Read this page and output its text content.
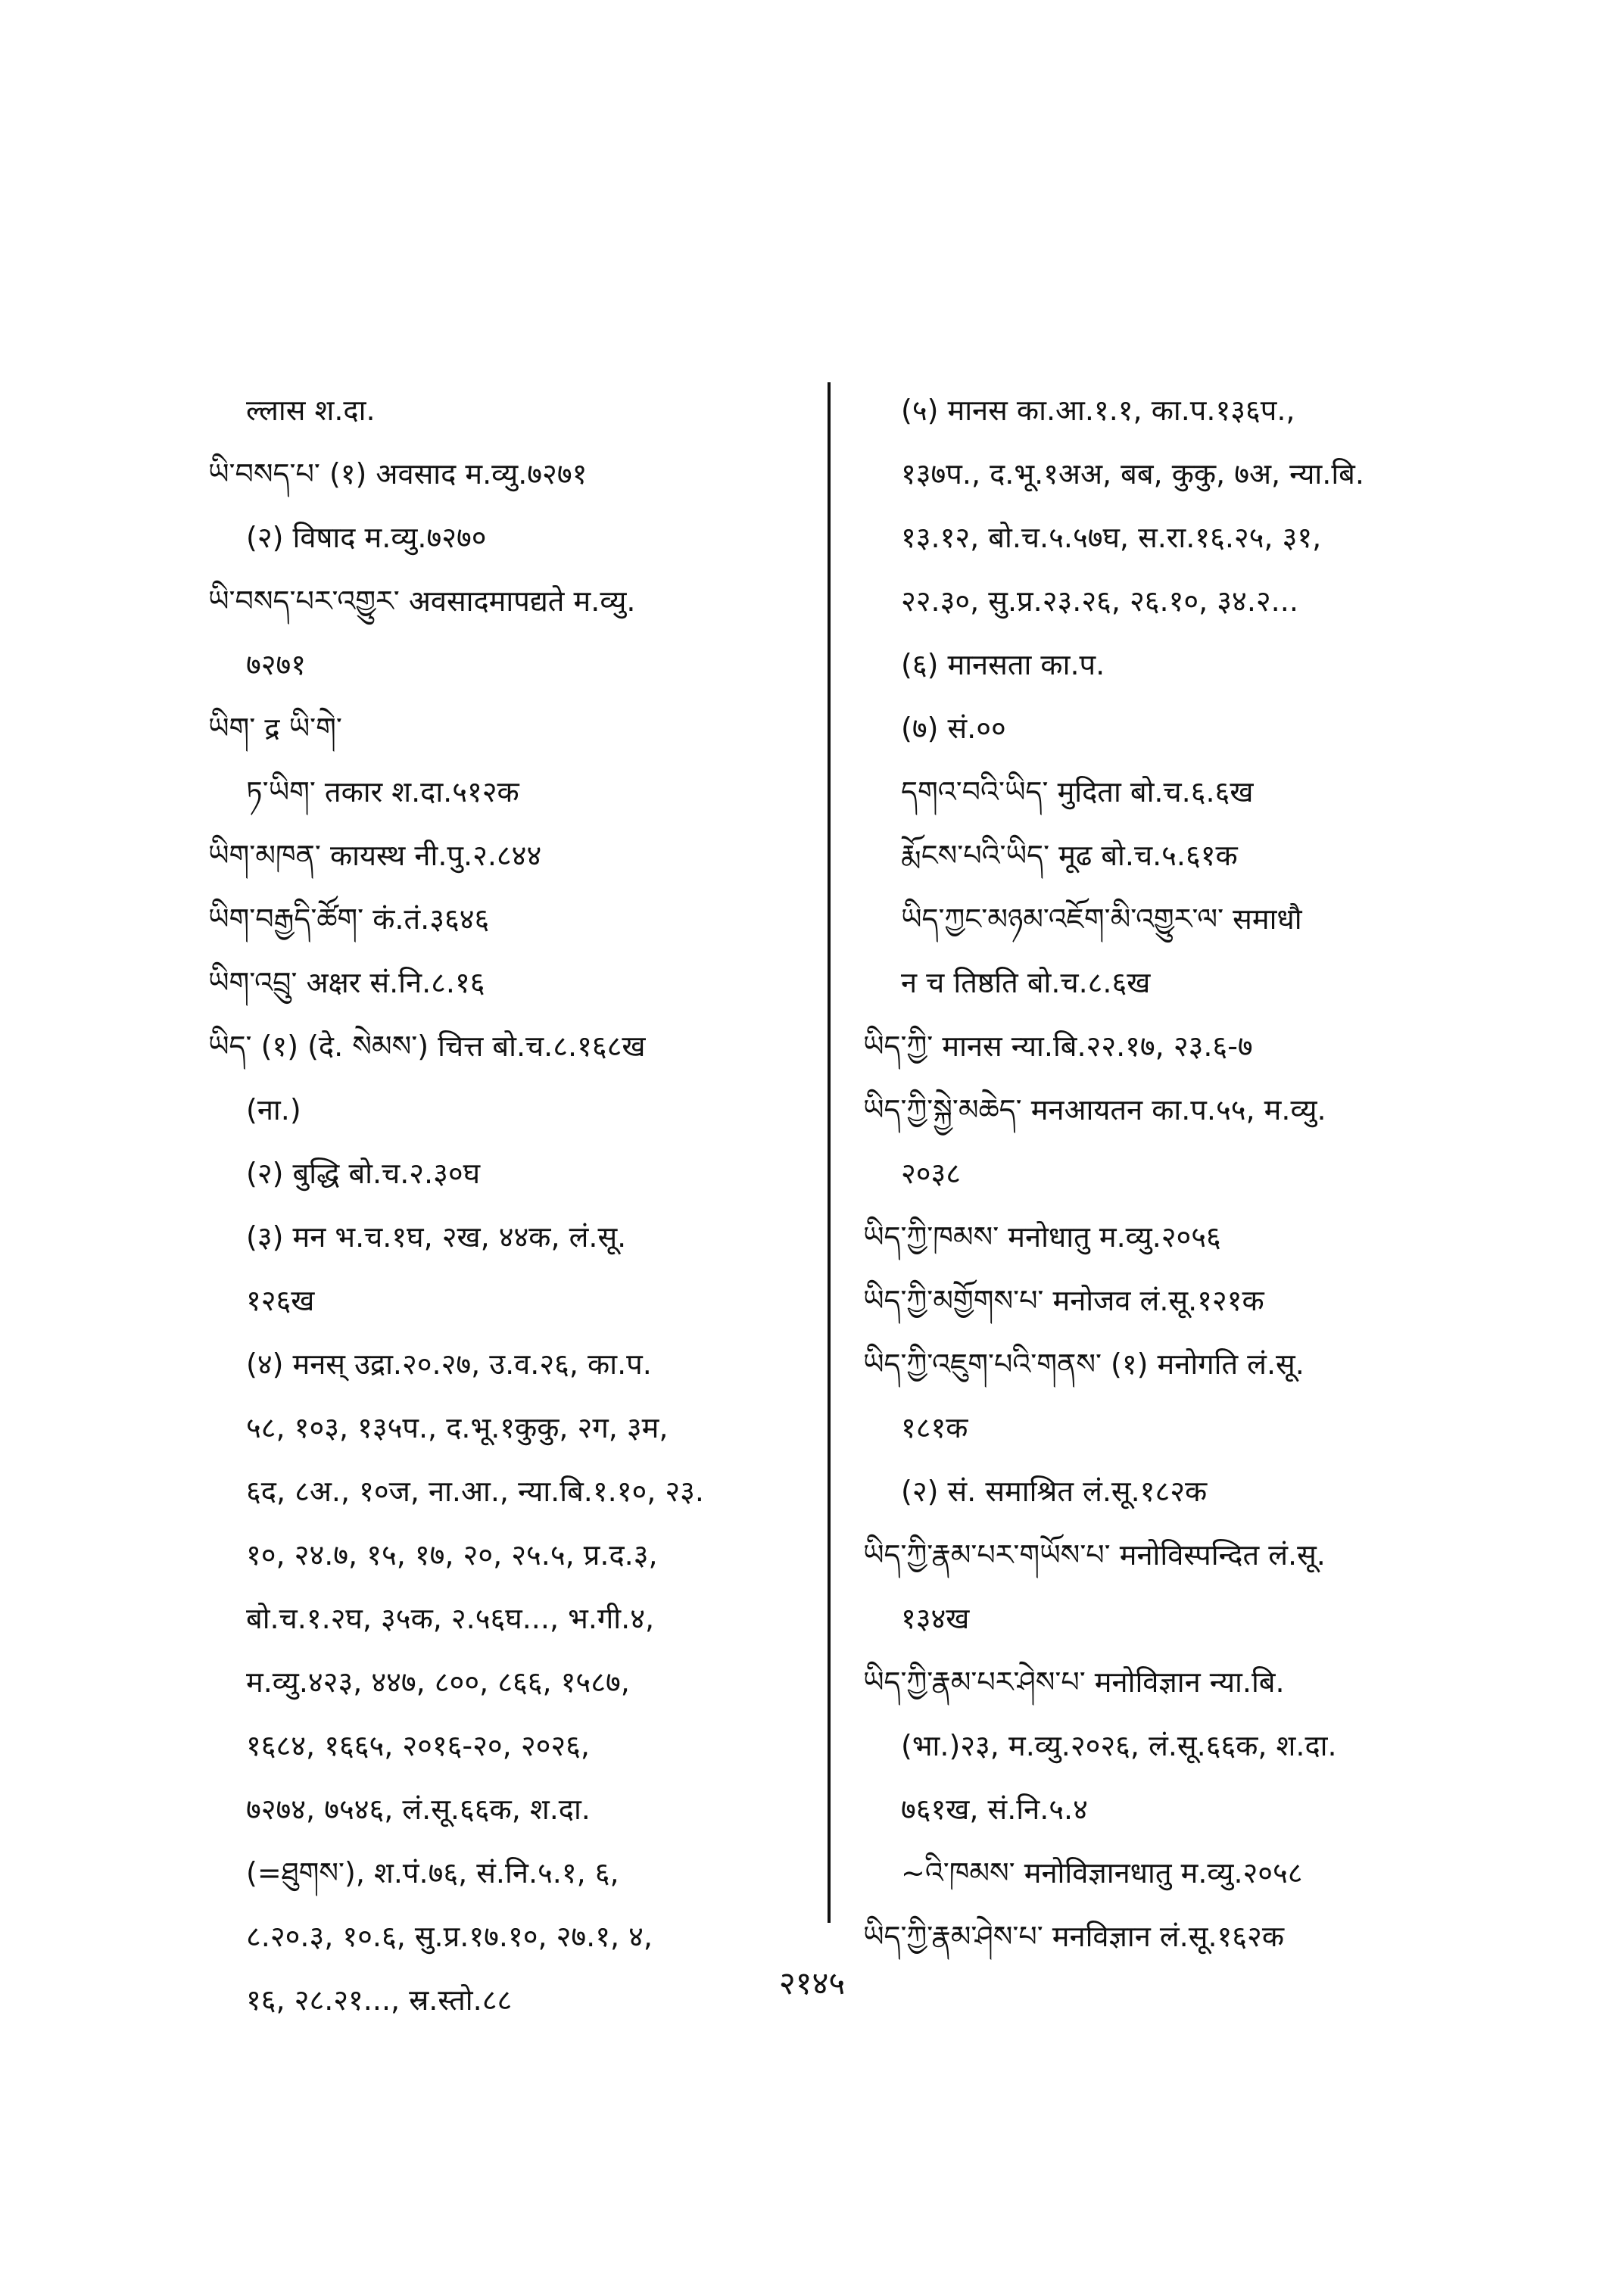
ल्लास श.दा.
ཡི་བསད་པ་ (१) अवसाद म.व्यु.७२७१
(२) विषाद म.व्यु.७२७०
ཡི་བསད་པར་འགྱུར་ अवसादमापद्यते म.व्यु.
७२७१
ཡིག་ द्र ཡི་གེ་
ཏ་ཡིག་ तकार श.दा.५१२क
ཡིག་མཁན་ कायस्थ नी.पु.२.८४४
ཡིག་བརྒྱདི་ཚོག་ कं.तं.३६४६
ཡིག་འབྲུ་ अक्षर सं.नि.८.१६
ཡིད་ (१) (दे. སེམས་) चित्त बो.च.८.१६८ख
(ना.)
(२) बुद्धि बो.च.२.३०घ
(३) मन भ.च.१घ, २ख, ४४क, लं.सू.
१२६ख
(४) मनस् उद्रा.२०.२७, उ.व.२६, का.प.
५८, १०३, १३५प., द.भू.१कुकु, २ग, ३म,
६द, ८अ., १०ज, ना.आ., न्या.बि.१.१०, २३.
१०, २४.७, १५, १७, २०, २५.५, प्र.द.३,
बो.च.१.२घ, ३५क, २.५६घ..., भ.गी.४,
म.व्यु.४२३, ४४७, ८००, ८६६, १५८७,
१६८४, १६६५, २०१६-२०, २०२६,
७२७४, ७५४६, लं.सू.६६क, श.दा.
(=ཐུགས་), श.पं.७६, सं.नि.५.१, ६,
८.२०.३, १०.६, सु.प्र.१७.१०, २७.१, ४,
१६, २८.२१..., स्र.स्तो.८८
(५) मानस का.आ.१.१, का.प.१३६प.,
१३७प., द.भू.१अअ, बब, कुकु, ७अ, न्या.बि.
१३.१२, बो.च.५.५७घ, स.रा.१६.२५, ३१,
२२.३०, सु.प्र.२३.२६, २६.१०, ३४.२...
(६) मानसता का.प.
(७) सं.००
དགའ་བའི་ཡིད་ मुदिता बो.च.६.६ख
རྨོངས་པའི་ཡིད་ मूढ बो.च.५.६१क
ཡིད་ཀྱང་མཉམ་འཇོག་མི་འགྱུར་ལ་ समाधौ
न च तिष्ठति बो.च.८.६ख
ཡིད་ཀྱི་ मानस न्या.बि.२२.१७, २३.६-७
ཡིད་ཀྱི་སྐྱེ་མཆེད་ मनआयतन का.प.५५, म.व्यु.
२०३८
ཡིད་ཀྱི་ཁམས་ मनोधातु म.व्यु.२०५६
ཡིད་ཀྱི་མགྱོགས་པ་ मनोजव लं.सू.१२१क
ཡིད་ཀྱི་འཇུག་པའི་གནས་ (१) मनोगति लं.सू.
१८१क
(२) सं. समाश्रित लं.सू.१८२क
ཡིད་ཀྱི་རྣམ་པར་གཡོས་པ་ मनोविस्पन्दित लं.सू.
१३४ख
ཡིད་ཀྱི་རྣམ་པར་ཤེས་པ་ मनोविज्ञान न्या.बि.
(भा.)२३, म.व्यु.२०२६, लं.सू.६६क, श.दा.
७६१ख, सं.नि.५.४
~འི་ཁམས་ मनोविज्ञानधातु म.व्यु.२०५८
ཡིད་ཀྱི་རྣམ་ཤེས་པ་ मनविज्ञान लं.सू.१६२क
२१४५
